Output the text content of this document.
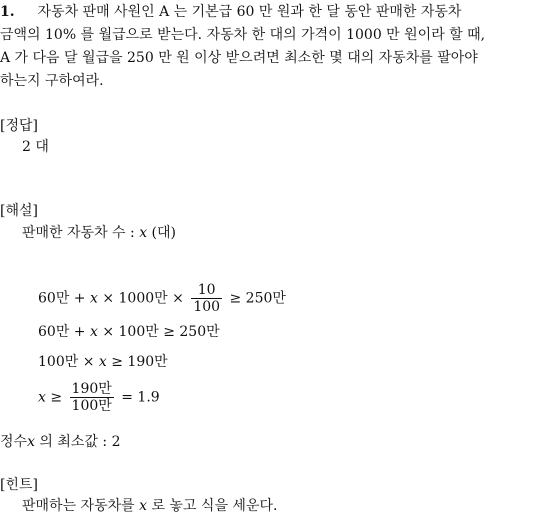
1. 자동차 판매 사원인 A 는 기본급 60 만 원과 한 달 동안 판매한 자동차
금액의 10% 를 월급으로 받는다. 자동차 한 대의 가격이 1000 만 원이라 할 때,
A 가 다음 달 월급을 250 만 원 이상 받으려면 최소한 몇 대의 자동차를 팔아야
하는지 구하여라.
[정답]
2 대
[해설]
판매한 자동차 수 : x (대)
60만 + x × 1000만 × $\frac{10}{100} \ge 250$만
60만 + x × 100만 ≥ 250만
100만 × x ≥ 190만
$x \ge \frac{\text{190만}}{\text{100만}} = 1.9$
정수x 의 최소값 : 2
[힌트]
판매하는 자동차를 x 로 놓고 식을 세운다.
